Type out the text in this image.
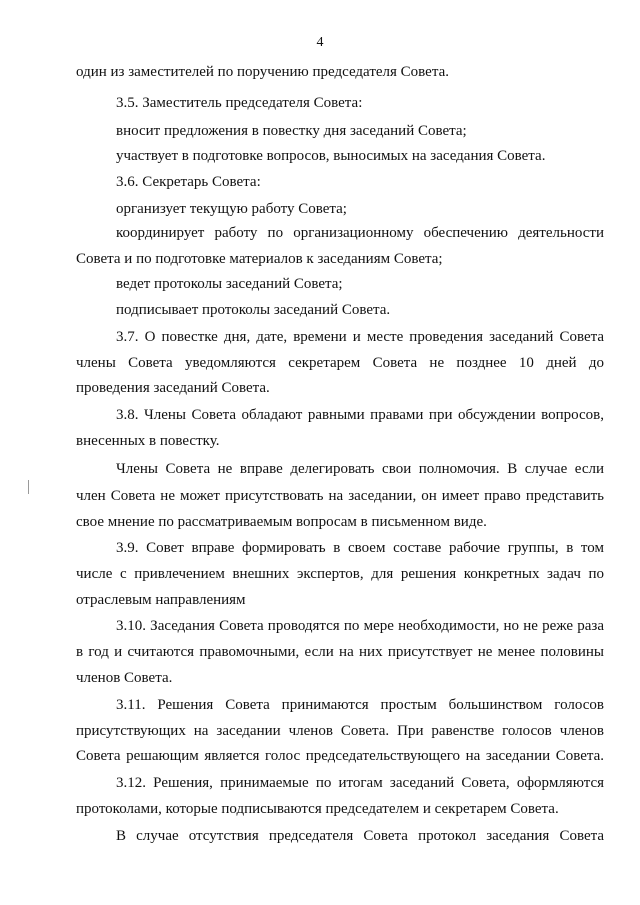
4
один из заместителей по поручению председателя Совета.
3.5. Заместитель председателя Совета:
вносит предложения в повестку дня заседаний Совета;
участвует в подготовке вопросов, выносимых на заседания Совета.
3.6. Секретарь Совета:
организует текущую работу Совета;
координирует работу по организационному обеспечению деятельности
Совета и по подготовке материалов к заседаниям Совета;
ведет протоколы заседаний Совета;
подписывает протоколы заседаний Совета.
3.7. О повестке дня, дате, времени и месте проведения заседаний Совета
члены Совета уведомляются секретарем Совета не позднее 10 дней до
проведения заседаний Совета.
3.8. Члены Совета обладают равными правами при обсуждении вопросов,
внесенных в повестку.
Члены Совета не вправе делегировать свои полномочия. В случае если
член Совета не может присутствовать на заседании, он имеет право представить
свое мнение по рассматриваемым вопросам в письменном виде.
3.9. Совет вправе формировать в своем составе рабочие группы, в том
числе с привлечением внешних экспертов, для решения конкретных задач по
отраслевым направлениям
3.10. Заседания Совета проводятся по мере необходимости, но не реже раза
в год и считаются правомочными, если на них присутствует не менее половины
членов Совета.
3.11. Решения Совета принимаются простым большинством голосов
присутствующих на заседании членов Совета. При равенстве голосов членов
Совета решающим является голос председательствующего на заседании Совета.
3.12. Решения, принимаемые по итогам заседаний Совета, оформляются
протоколами, которые подписываются председателем и секретарем Совета.
В случае отсутствия председателя Совета протокол заседания Совета
